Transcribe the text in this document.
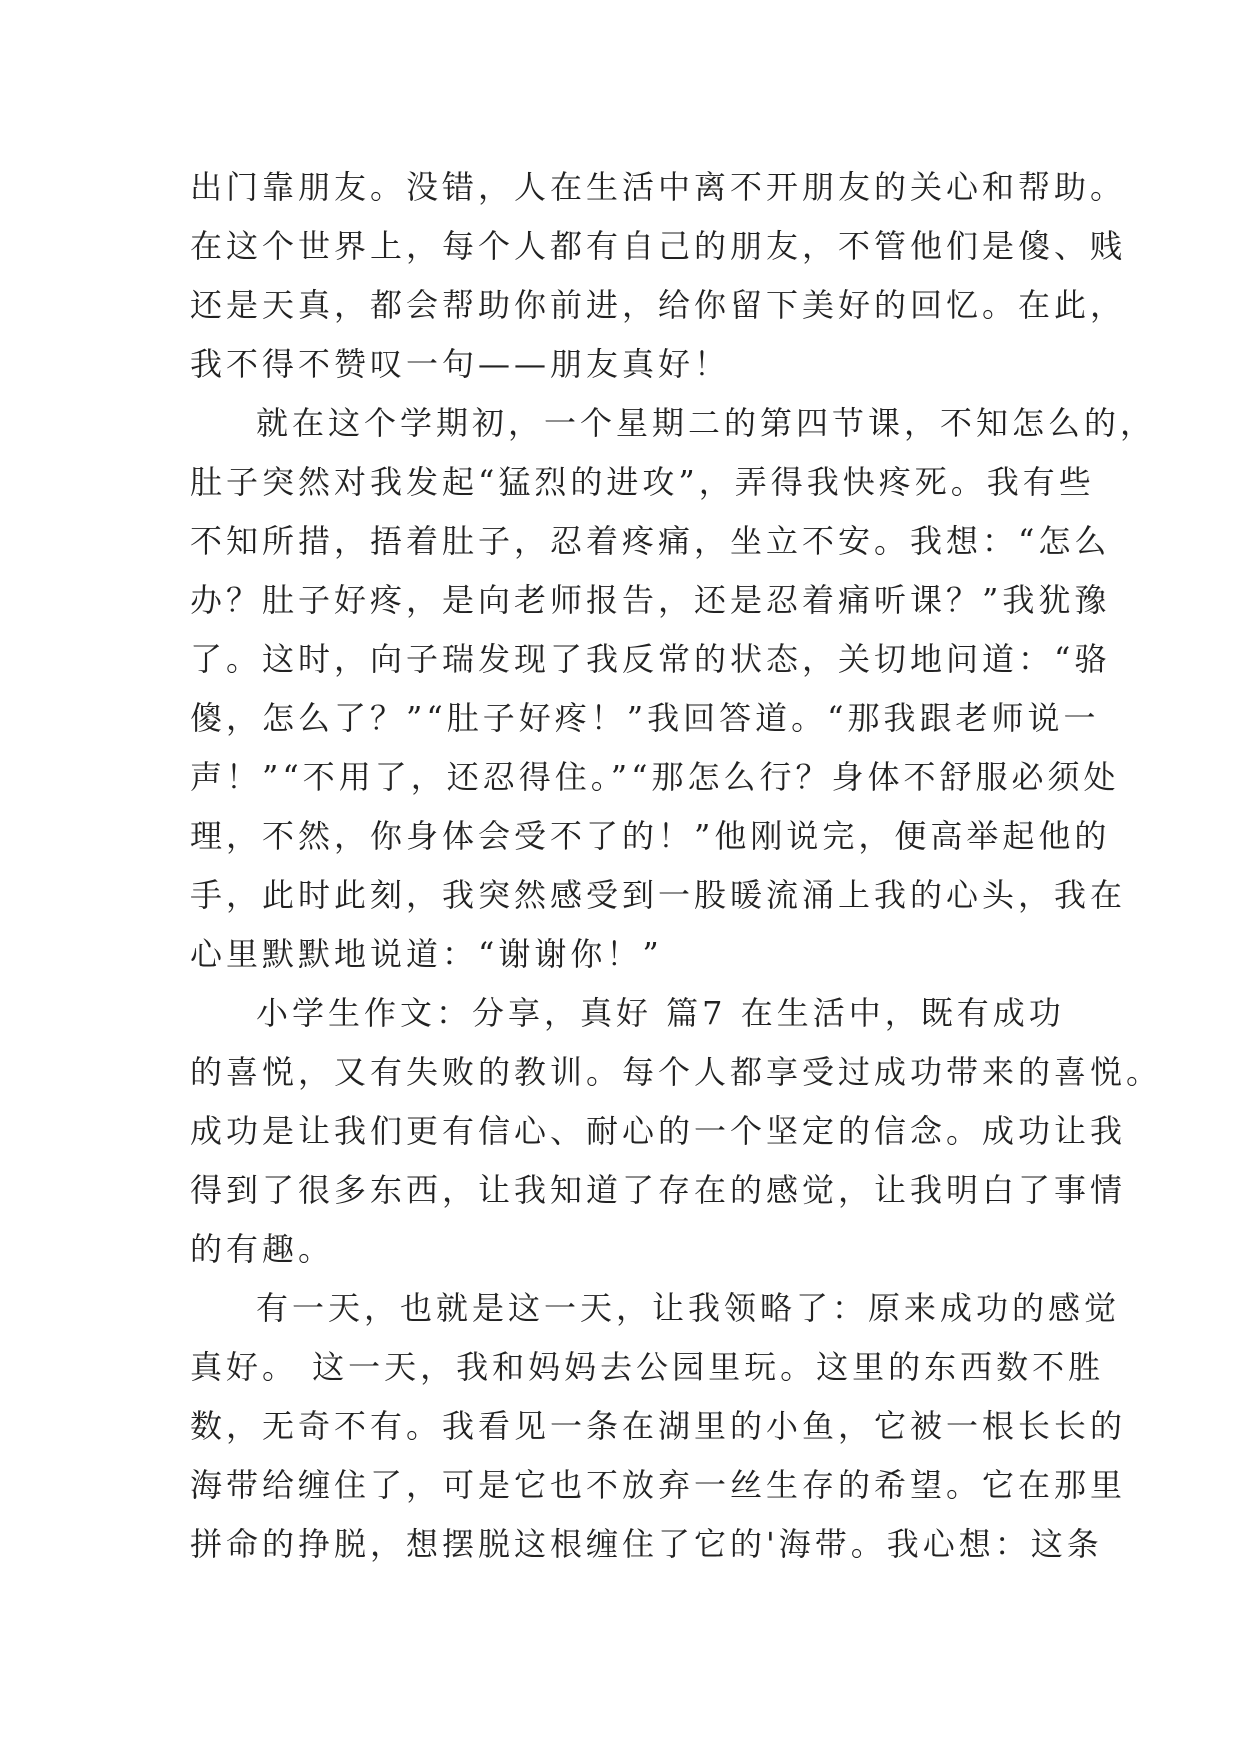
出门靠朋友。没错，人在生活中离不开朋友的关心和帮助。
在这个世界上，每个人都有自己的朋友，不管他们是傻、贱
还是天真，都会帮助你前进，给你留下美好的回忆。在此，
我不得不赞叹一句——朋友真好！
就在这个学期初，一个星期二的第四节课，不知怎么的，
肚子突然对我发起“猛烈的进攻”，弄得我快疼死。我有些
不知所措，捂着肚子，忍着疼痛，坐立不安。我想：“怎么
办？肚子好疼，是向老师报告，还是忍着痛听课？”我犹豫
了。这时，向子瑞发现了我反常的状态，关切地问道：“骆
傻，怎么了？”“肚子好疼！”我回答道。“那我跟老师说一
声！”“不用了，还忍得住。”“那怎么行？身体不舒服必须处
理，不然，你身体会受不了的！”他刚说完，便高举起他的
手，此时此刻，我突然感受到一股暖流涌上我的心头，我在
心里默默地说道：“谢谢你！”
小学生作文：分享，真好 篇7 在生活中，既有成功
的喜悦，又有失败的教训。每个人都享受过成功带来的喜悦。
成功是让我们更有信心、耐心的一个坚定的信念。成功让我
得到了很多东西，让我知道了存在的感觉，让我明白了事情
的有趣。
有一天，也就是这一天，让我领略了：原来成功的感觉
真好。 这一天，我和妈妈去公园里玩。这里的东西数不胜
数，无奇不有。我看见一条在湖里的小鱼，它被一根长长的
海带给缠住了，可是它也不放弃一丝生存的希望。它在那里
拼命的挣脱，想摆脱这根缠住了它的'海带。我心想：这条
